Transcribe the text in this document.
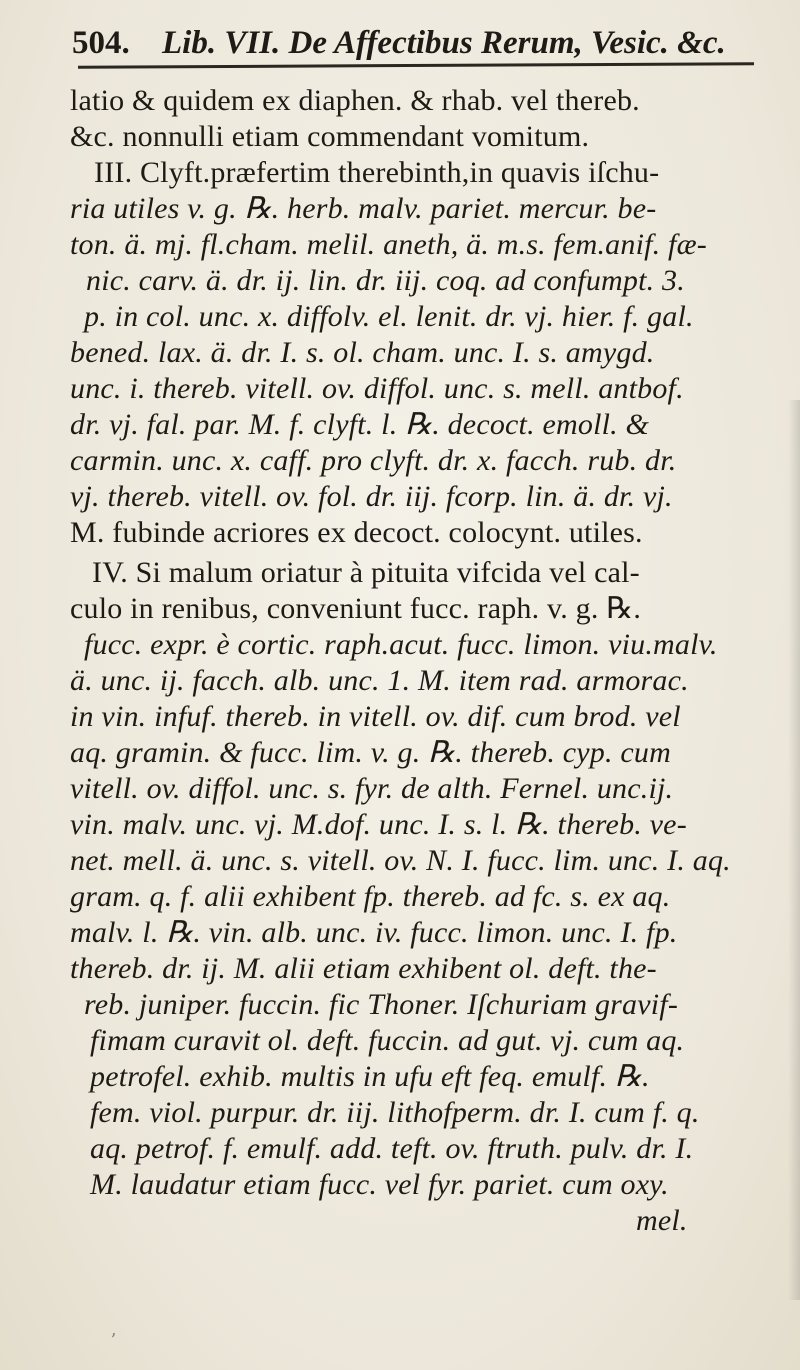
504. Lib. VII. De Affectibus Rerum, Vesic. &c.
latio & quidem ex diaphen. & rhab. vel thereb.
&c. nonnulli etiam commendant vomitum.
III. Clyft.præfertim therebinth,in quavis iſchu-
ria utiles v. g. ℞. herb. malv. pariet. mercur. be-
ton. ä. mj. fl.cham. melil. aneth, ä. m.s. fem.anif. fæ-
nic. carv. ä. dr. ij. lin. dr. iij. coq. ad confumpt. 3.
p. in col. unc. x. diffolv. el. lenit. dr. vj. hier. f. gal.
bened. lax. ä. dr. I. s. ol. cham. unc. I. s. amygd.
unc. i. thereb. vitell. ov. diffol. unc. s. mell. antbof.
dr. vj. fal. par. M. f. clyft. l. ℞. decoct. emoll. &
carmin. unc. x. caff. pro clyft. dr. x. facch. rub. dr.
vj. thereb. vitell. ov. fol. dr. iij. fcorp. lin. ä. dr. vj.
M. fubinde acriores ex decoct. colocynt. utiles.
IV. Si malum oriatur à pituita vifcida vel cal-
culo in renibus, conveniunt fucc. raph. v. g. ℞.
fucc. expr. è cortic. raph.acut. fucc. limon. viu.malv.
ä. unc. ij. facch. alb. unc. 1. M. item rad. armorac.
in vin. infuf. thereb. in vitell. ov. dif. cum brod. vel
aq. gramin. & fucc. lim. v. g. ℞. thereb. cyp. cum
vitell. ov. diffol. unc. s. fyr. de alth. Fernel. unc.ij.
vin. malv. unc. vj. M.dof. unc. I. s. l. ℞. thereb. ve-
net. mell. ä. unc. s. vitell. ov. N. I. fucc. lim. unc. I. aq.
gram. q. f. alii exhibent fp. thereb. ad fc. s. ex aq.
malv. l. ℞. vin. alb. unc. iv. fucc. limon. unc. I. fp.
thereb. dr. ij. M. alii etiam exhibent ol. deft. the-
reb. juniper. fuccin. fic Thoner. Iſchuriam gravif-
fimam curavit ol. deft. fuccin. ad gut. vj. cum aq.
petrofel. exhib. multis in ufu eft feq. emulf. ℞.
fem. viol. purpur. dr. iij. lithofperm. dr. I. cum f. q.
aq. petrof. f. emulf. add. teft. ov. ftruth. pulv. dr. I.
M. laudatur etiam fucc. vel fyr. pariet. cum oxy.
mel.
ʼ
